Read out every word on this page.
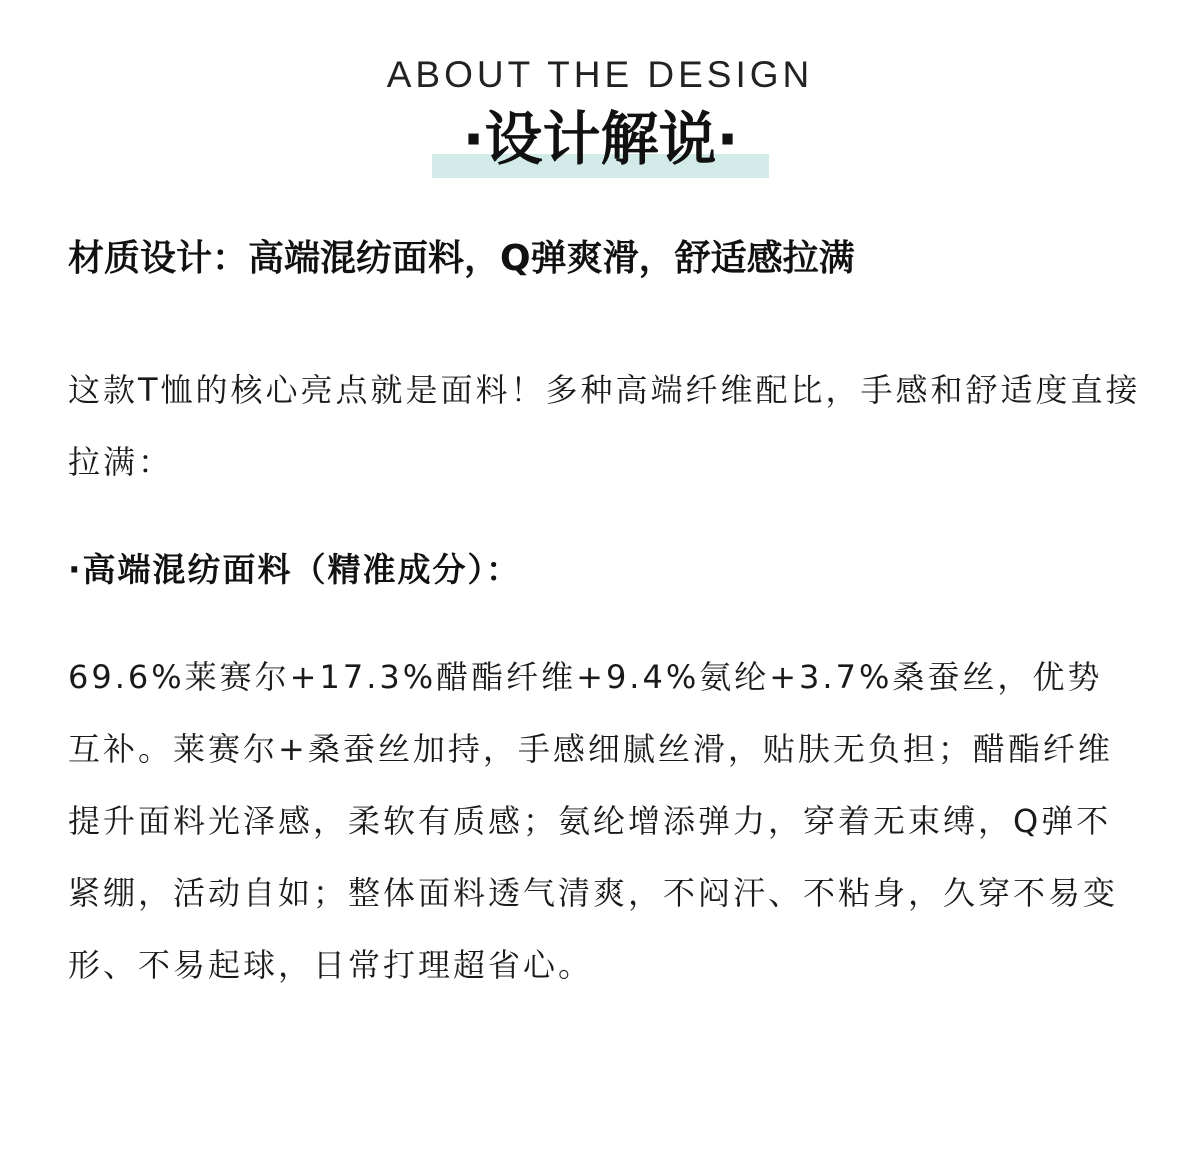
ABOUT THE DESIGN
·设计解说·
材质设计：高端混纺面料，Q弹爽滑，舒适感拉满

这款T恤的核心亮点就是面料！多种高端纤维配比，手感和舒适度直接拉满：

·高端混纺面料（精准成分）：

69.6%莱赛尔+17.3%醋酯纤维+9.4%氨纶+3.7%桑蚕丝，优势互补。莱赛尔+桑蚕丝加持，手感细腻丝滑，贴肤无负担；醋酯纤维提升面料光泽感，柔软有质感；氨纶增添弹力，穿着无束缚，Q弹不紧绷，活动自如；整体面料透气清爽，不闷汗、不粘身，久穿不易变形、不易起球，日常打理超省心。
